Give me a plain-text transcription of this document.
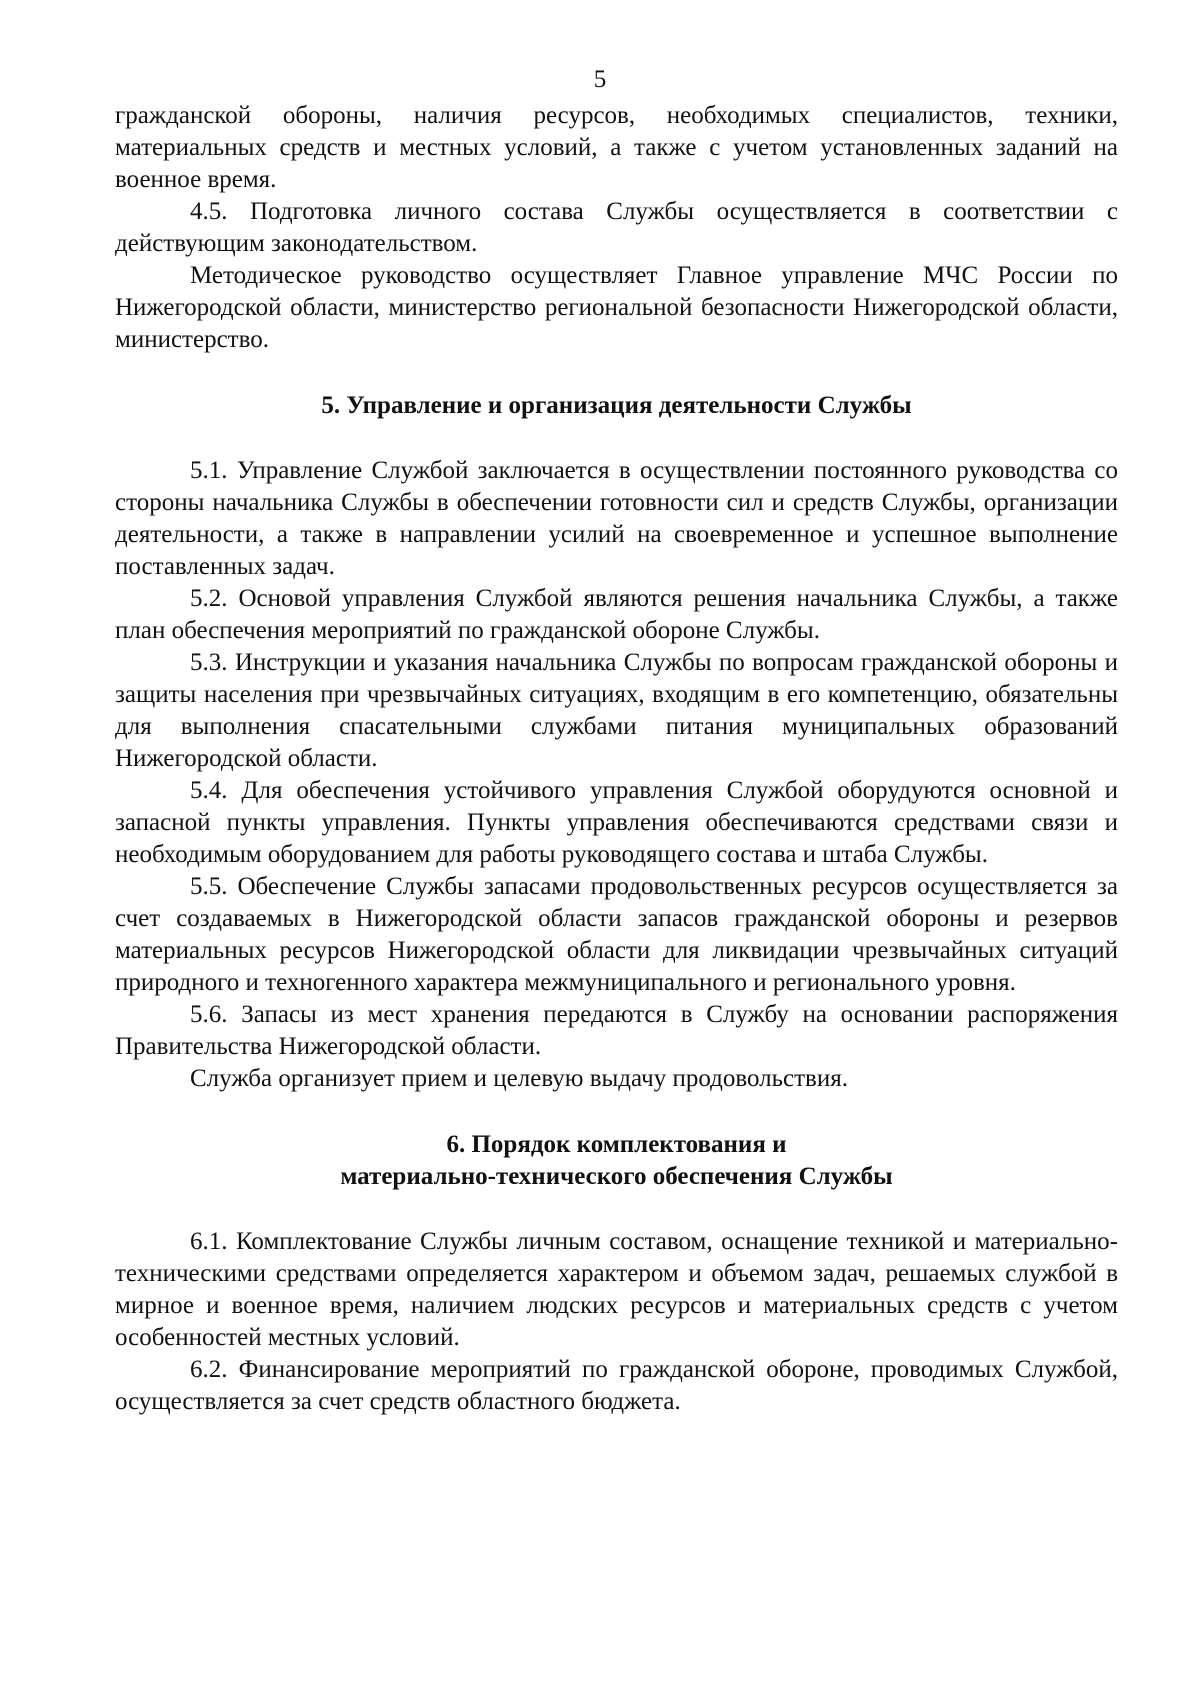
5

гражданской обороны, наличия ресурсов, необходимых специалистов, техники, материальных средств и местных условий, а также с учетом установленных заданий на военное время.

4.5. Подготовка личного состава Службы осуществляется в соответствии с действующим законодательством.

Методическое руководство осуществляет Главное управление МЧС России по Нижегородской области, министерство региональной безопасности Нижегородской области, министерство.

5. Управление и организация деятельности Службы

5.1. Управление Службой заключается в осуществлении постоянного руководства со стороны начальника Службы в обеспечении готовности сил и средств Службы, организации деятельности, а также в направлении усилий на своевременное и успешное выполнение поставленных задач.

5.2. Основой управления Службой являются решения начальника Службы, а также план обеспечения мероприятий по гражданской обороне Службы.

5.3. Инструкции и указания начальника Службы по вопросам гражданской обороны и защиты населения при чрезвычайных ситуациях, входящим в его компетенцию, обязательны для выполнения спасательными службами питания муниципальных образований Нижегородской области.

5.4. Для обеспечения устойчивого управления Службой оборудуются основной и запасной пункты управления. Пункты управления обеспечиваются средствами связи и необходимым оборудованием для работы руководящего состава и штаба Службы.

5.5. Обеспечение Службы запасами продовольственных ресурсов осуществляется за счет создаваемых в Нижегородской области запасов гражданской обороны и резервов материальных ресурсов Нижегородской области для ликвидации чрезвычайных ситуаций природного и техногенного характера межмуниципального и регионального уровня.

5.6. Запасы из мест хранения передаются в Службу на основании распоряжения Правительства Нижегородской области.

Служба организует прием и целевую выдачу продовольствия.

6. Порядок комплектования и
материально-технического обеспечения Службы

6.1. Комплектование Службы личным составом, оснащение техникой и материально-техническими средствами определяется характером и объемом задач, решаемых службой в мирное и военное время, наличием людских ресурсов и материальных средств с учетом особенностей местных условий.

6.2. Финансирование мероприятий по гражданской обороне, проводимых Службой, осуществляется за счет средств областного бюджета.
